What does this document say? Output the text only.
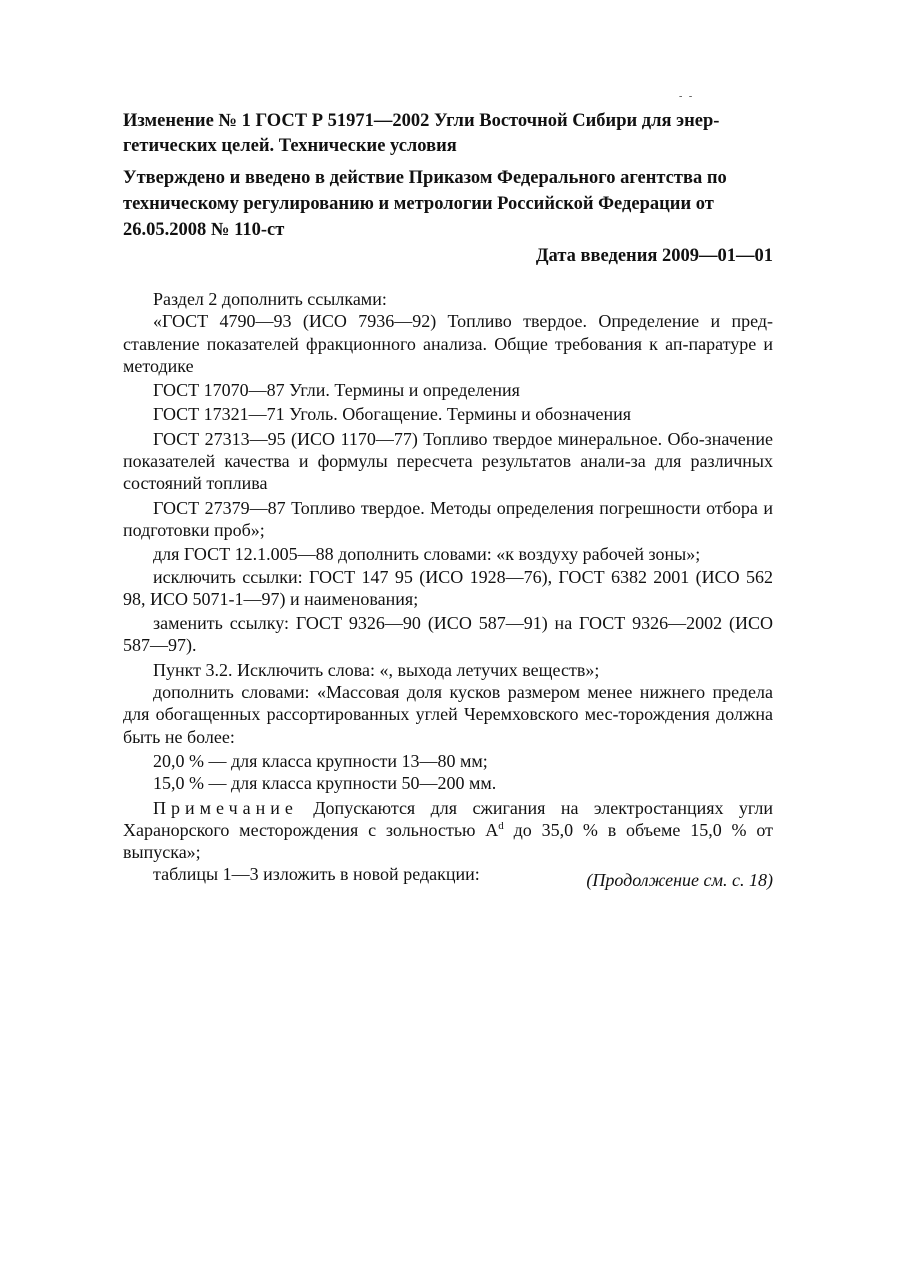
- -
Изменение № 1 ГОСТ Р 51971—2002 Угли Восточной Сибири для энер-
гетических целей. Технические условия
Утверждено и введено в действие Приказом Федерального агентства по
техническому регулированию и метрологии Российской Федерации от
26.05.2008 № 110-ст
Дата введения 2009—01—01

Раздел 2 дополнить ссылками:

«ГОСТ 4790—93 (ИСО 7936—92) Топливо твердое. Определение и пред-ставление показателей фракционного анализа. Общие требования к ап-паратуре и методике

ГОСТ 17070—87 Угли. Термины и определения

ГОСТ 17321—71 Уголь. Обогащение. Термины и обозначения

ГОСТ 27313—95 (ИСО 1170—77) Топливо твердое минеральное. Обо-значение показателей качества и формулы пересчета результатов анали-за для различных состояний топлива

ГОСТ 27379—87 Топливо твердое. Методы определения погрешности отбора и подготовки проб»;

для ГОСТ 12.1.005—88 дополнить словами: «к воздуху рабочей зоны»;

исключить ссылки: ГОСТ 147 95 (ИСО 1928—76), ГОСТ 6382 2001 (ИСО 562 98, ИСО 5071-1—97) и наименования;

заменить ссылку: ГОСТ 9326—90 (ИСО 587—91) на ГОСТ 9326—2002 (ИСО 587—97).

Пункт 3.2. Исключить слова: «, выхода летучих веществ»;

дополнить словами: «Массовая доля кусков размером менее нижнего предела для обогащенных рассортированных углей Черемховского мес-торождения должна быть не более:

20,0 % — для класса крупности 13—80 мм;

15,0 % — для класса крупности 50—200 мм.

Примечание Допускаются для сжигания на электростанциях угли Харанорского месторождения с зольностью $A^d$ до 35,0 % в объеме 15,0 % от выпуска»;

таблицы 1—3 изложить в новой редакции:	(Продолжение см. с. 18)
